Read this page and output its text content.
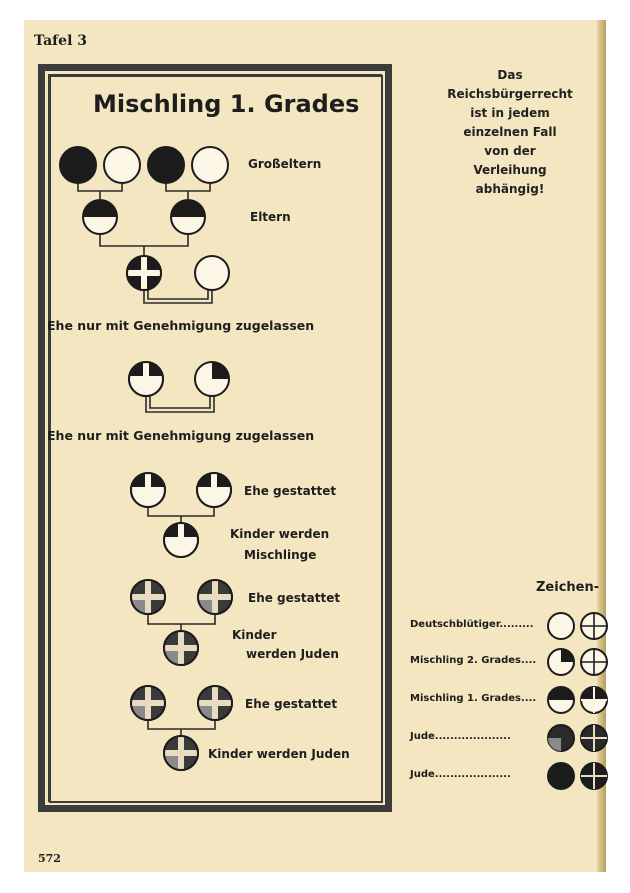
Tafel 3
Mischling 1. Grades
Großeltern
Eltern
Ehe nur mit Genehmigung zugelassen
Ehe nur mit Genehmigung zugelassen
Ehe gestattet
Kinder werden
Mischlinge
Ehe gestattet
Kinder
werden Juden
Ehe gestattet
Kinder werden Juden
Das
Reichsbürgerrecht
ist in jedem
einzelnen Fall
von der
Verleihung
abhängig!
Zeichen-
Deutschblütiger.........
Mischling 2. Grades....
Mischling 1. Grades....
Jude....................
Jude....................
572
